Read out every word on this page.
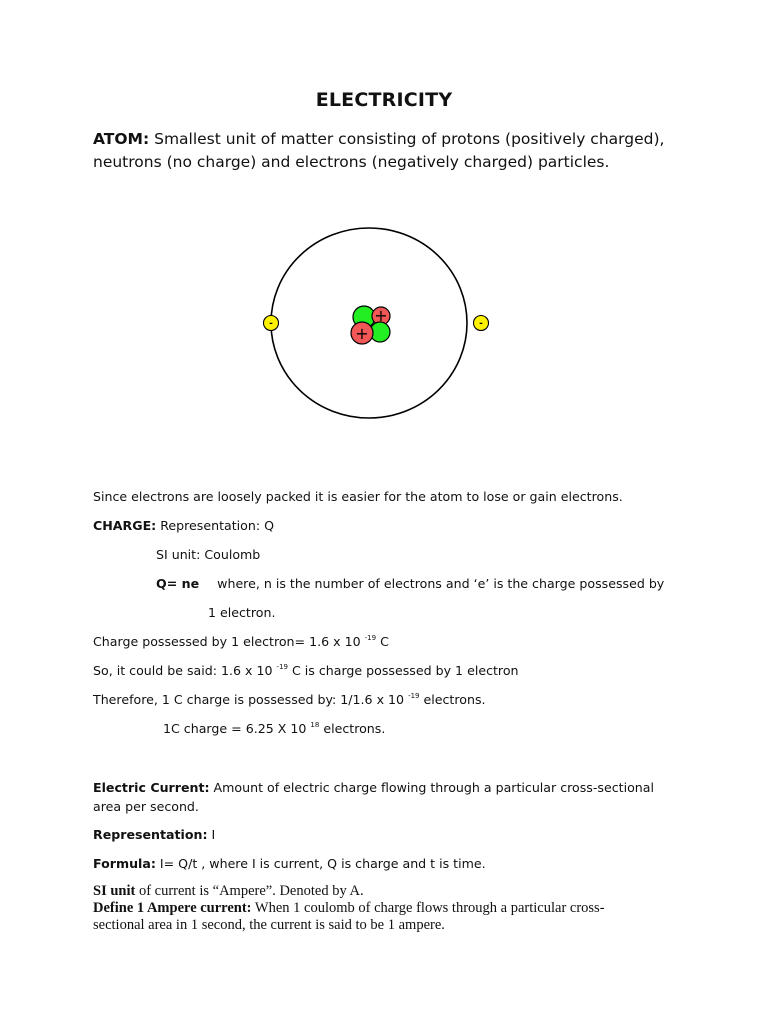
ELECTRICITY
ATOM: Smallest unit of matter consisting of protons (positively charged), neutrons (no charge) and electrons (negatively charged) particles.
+
+
-	-
Since electrons are loosely packed it is easier for the atom to lose or gain electrons.
CHARGE: Representation: Q
SI unit: Coulomb
Q= ne where, n is the number of electrons and ‘e’ is the charge possessed by
1 electron.
Charge possessed by 1 electron= 1.6 x 10 $^{-19}$ C
So, it could be said: 1.6 x 10 $^{-19}$ C is charge possessed by 1 electron
Therefore, 1 C charge is possessed by: 1/1.6 x 10 $^{-19}$ electrons.
1C charge = 6.25 X 10 $^{18}$ electrons.
Electric Current: Amount of electric charge flowing through a particular cross-sectional area per second.
Representation: I
Formula: I= Q/t , where I is current, Q is charge and t is time.
SI unit of current is “Ampere”. Denoted by A.
Define 1 Ampere current: When 1 coulomb of charge flows through a particular cross-sectional area in 1 second, the current is said to be 1 ampere.
